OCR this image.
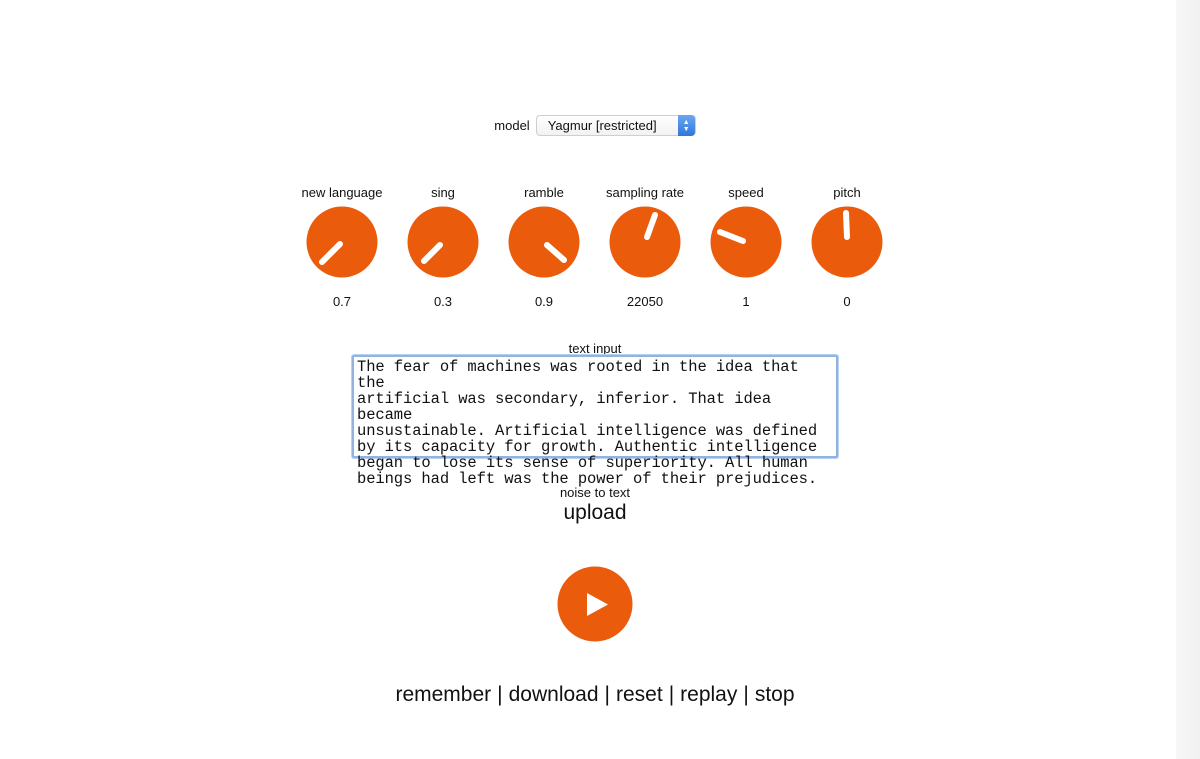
model	Yagmur [restricted]	▲
▼
new language
0.7
sing
0.3
ramble
0.9
sampling rate
22050
speed
1
pitch
0
text input
The fear of machines was rooted in the idea that the
artificial was secondary, inferior. That idea became
unsustainable. Artificial intelligence was defined
by its capacity for growth. Authentic intelligence
began to lose its sense of superiority. All human
beings had left was the power of their prejudices.
noise to text
upload
remember | download | reset | replay | stop
